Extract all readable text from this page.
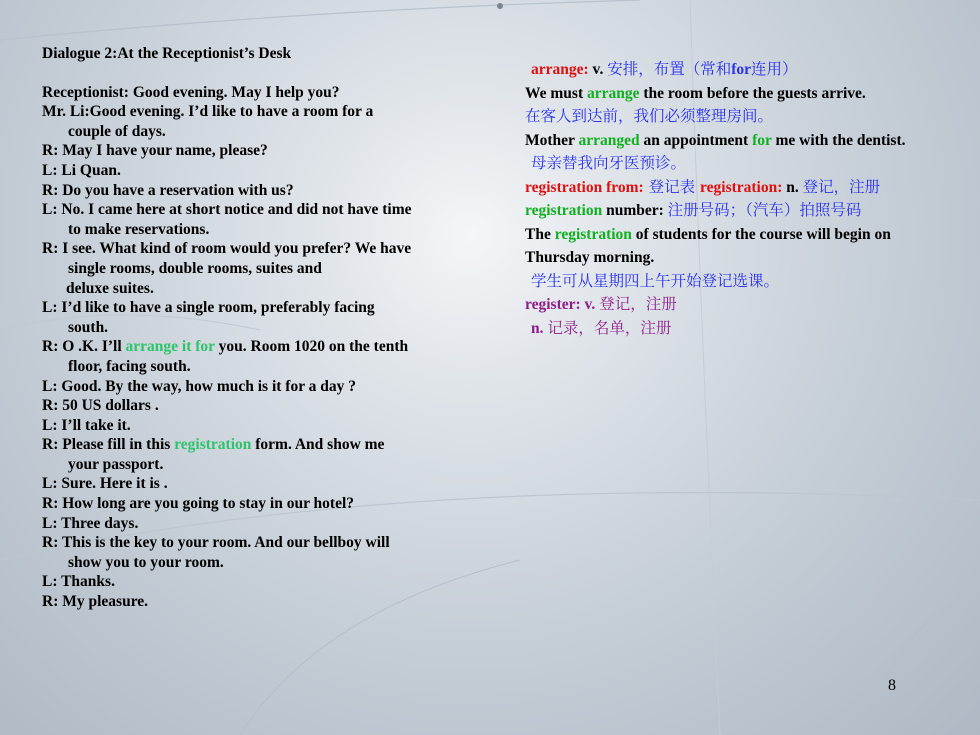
Dialogue 2:At the Receptionist’s Desk

Receptionist: Good evening. May I help you?

Mr. Li:Good evening. I’d like to have a room for a

couple of days.

R: May I have your name, please?

L: Li Quan.

R: Do you have a reservation with us?

L: No. I came here at short notice and did not have time

to make reservations.

R: I see. What kind of room would you prefer? We have

single rooms, double rooms, suites and

deluxe suites.

L: I’d like to have a single room, preferably facing

south.

R: O .K. I’ll arrange it for you. Room 1020 on the tenth

floor, facing south.

L: Good. By the way, how much is it for a day ?

R: 50 US dollars .

L: I’ll take it.

R: Please fill in this registration form. And show me

your passport.

L: Sure. Here it is .

R: How long are you going to stay in our hotel?

L: Three days.

R: This is the key to your room. And our bellboy will

show you to your room.

L: Thanks.

R: My pleasure.

arrange: v. 安排，布置（常和for连用）

We must arrange the room before the guests arrive.

在客人到达前，我们必须整理房间。

Mother arranged an appointment for me with the dentist.

母亲替我向牙医预诊。

registration from: 登记表 registration: n. 登记，注册

registration number: 注册号码；（汽车）拍照号码

The registration of students for the course will begin on Thursday morning.

学生可从星期四上午开始登记选课。

register: v. 登记，注册

n. 记录，名单，注册

8
